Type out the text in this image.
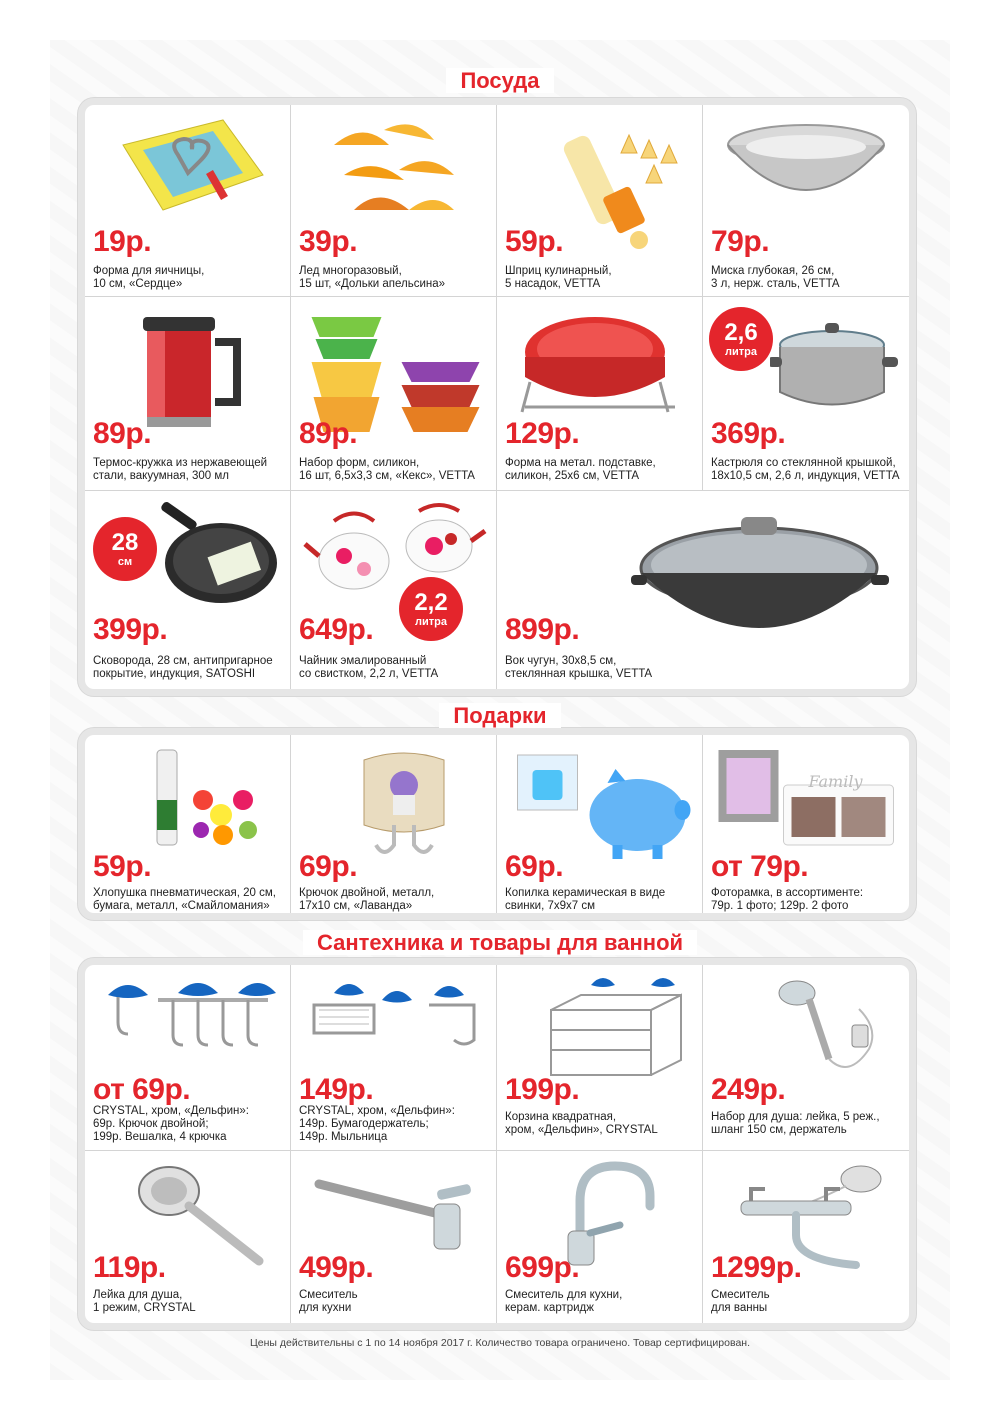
Посуда
19р.
Форма для яичницы,
10 см, «Сердце»
39р.
Лед многоразовый,
15 шт, «Дольки апельсина»
59р.
Шприц кулинарный,
5 насадок, VETTA
79р.
Миска глубокая, 26 см,
3 л, нерж. сталь, VETTA
89р.
Термос-кружка из нержавеющей
стали, вакуумная, 300 мл
89р.
Набор форм, силикон,
16 шт, 6,5х3,3 см, «Кекс», VETTA
129р.
Форма на метал. подставке,
силикон, 25х6 см, VETTA
2,6
литра
369р.
Кастрюля со стеклянной крышкой,
18х10,5 см, 2,6 л, индукция, VETTA
28
см
399р.
Сковорода, 28 см, антипригарное
покрытие, индукция, SATOSHI
2,2
литра
649р.
Чайник эмалированный
со свистком, 2,2 л, VETTA
899р.
Вок чугун, 30х8,5 см,
стеклянная крышка, VETTA
Подарки
59р.
Хлопушка пневматическая, 20 см,
бумага, металл, «Смайломания»
69р.
Крючок двойной, металл,
17х10 см, «Лаванда»
69р.
Копилка керамическая в виде
свинки, 7х9х7 см
Family
от 79р.
Фоторамка, в ассортименте:
79р. 1 фото; 129р. 2 фото
Сантехника и товары для ванной
от 69р.
CRYSTAL, хром, «Дельфин»:
69р. Крючок двойной;
199р. Вешалка, 4 крючка
149р.
CRYSTAL, хром, «Дельфин»:
149р. Бумагодержатель;
149р. Мыльница
199р.
Корзина квадратная,
хром, «Дельфин», CRYSTAL
249р.
Набор для душа: лейка, 5 реж.,
шланг 150 см, держатель
119р.
Лейка для душа,
1 режим, CRYSTAL
499р.
Смеситель
для кухни
699р.
Смеситель для кухни,
керам. картридж
1299р.
Смеситель
для ванны
Цены действительны с 1 по 14 ноября 2017 г. Количество товара ограничено. Товар сертифицирован.
